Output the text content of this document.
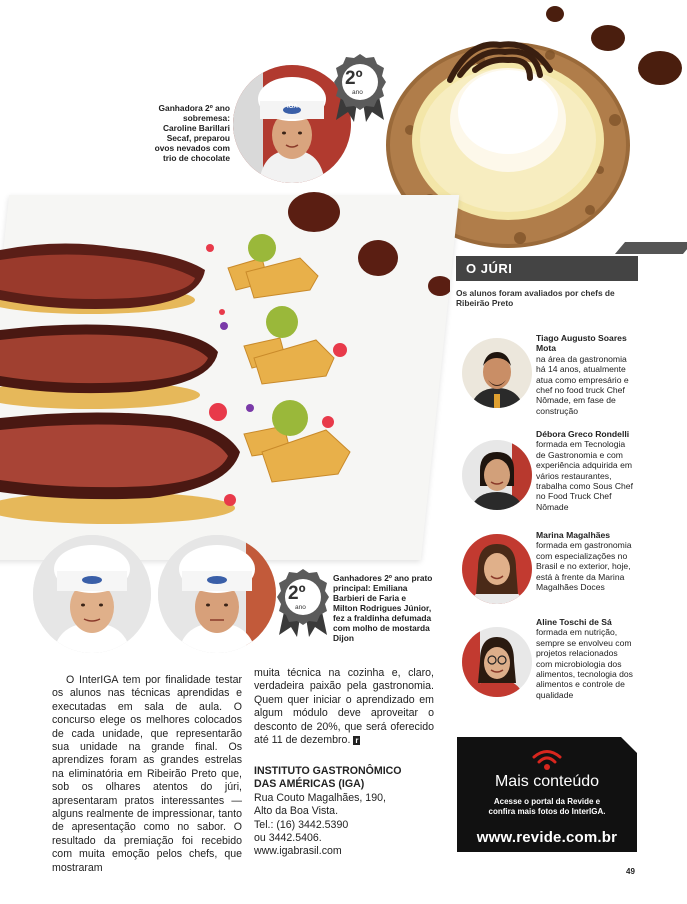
IGA
2º
ano
Ganhadora 2º ano sobremesa: Caroline Barillari Secaf, preparou ovos nevados com trio de chocolate
2º
ano
Ganhadores 2º ano prato principal: Emiliana Barbieri de Faria e Milton Rodrigues Júnior, fez a fraldinha defumada com molho de mostarda Dijon

O InterIGA tem por finalidade testar os alunos nas técnicas aprendidas e executadas em sala de aula. O concurso elege os melhores colocados de cada unidade, que representarão sua unidade na grande final. Os aprendizes foram as grandes estrelas na eliminatória em Ribeirão Preto que, sob os olhares atentos do júri, apresentaram pratos interessantes — alguns realmente de impressionar, tanto de apresentação como no sabor. O resultado da premiação foi recebido com muita emoção pelos chefs, que mostraram

muita técnica na cozinha e, claro, verdadeira paixão pela gastronomia. Quem quer iniciar o aprendizado em algum módulo deve aproveitar o desconto de 20%, que será oferecido até 11 de dezembro. r
INSTITUTO GASTRONÔMICO DAS AMÉRICAS (IGA)
Rua Couto Magalhães, 190,
Alto da Boa Vista.
Tel.: (16) 3442.5390
ou 3442.5406.
www.igabrasil.com
O JÚRI
Os alunos foram avaliados por chefs de Ribeirão Preto
Tiago Augusto Soares Mota
na área da gastronomia há 14 anos, atualmente atua como empresário e chef no food truck Chef Nômade, em fase de construção
Débora Greco Rondelli
formada em Tecnologia de Gastronomia e com experiência adquirida em vários restaurantes, trabalha como Sous Chef no Food Truck Chef Nômade
Marina Magalhães
formada em gastronomia com especializações no Brasil e no exterior, hoje, está à frente da Marina Magalhães Doces
Aline Toschi de Sá
formada em nutrição, sempre se envolveu com projetos relacionados com microbiologia dos alimentos, tecnologia dos alimentos e controle de qualidade
Mais conteúdo
Acesse o portal da Revide e confira mais fotos do InterIGA.
www.revide.com.br
49
